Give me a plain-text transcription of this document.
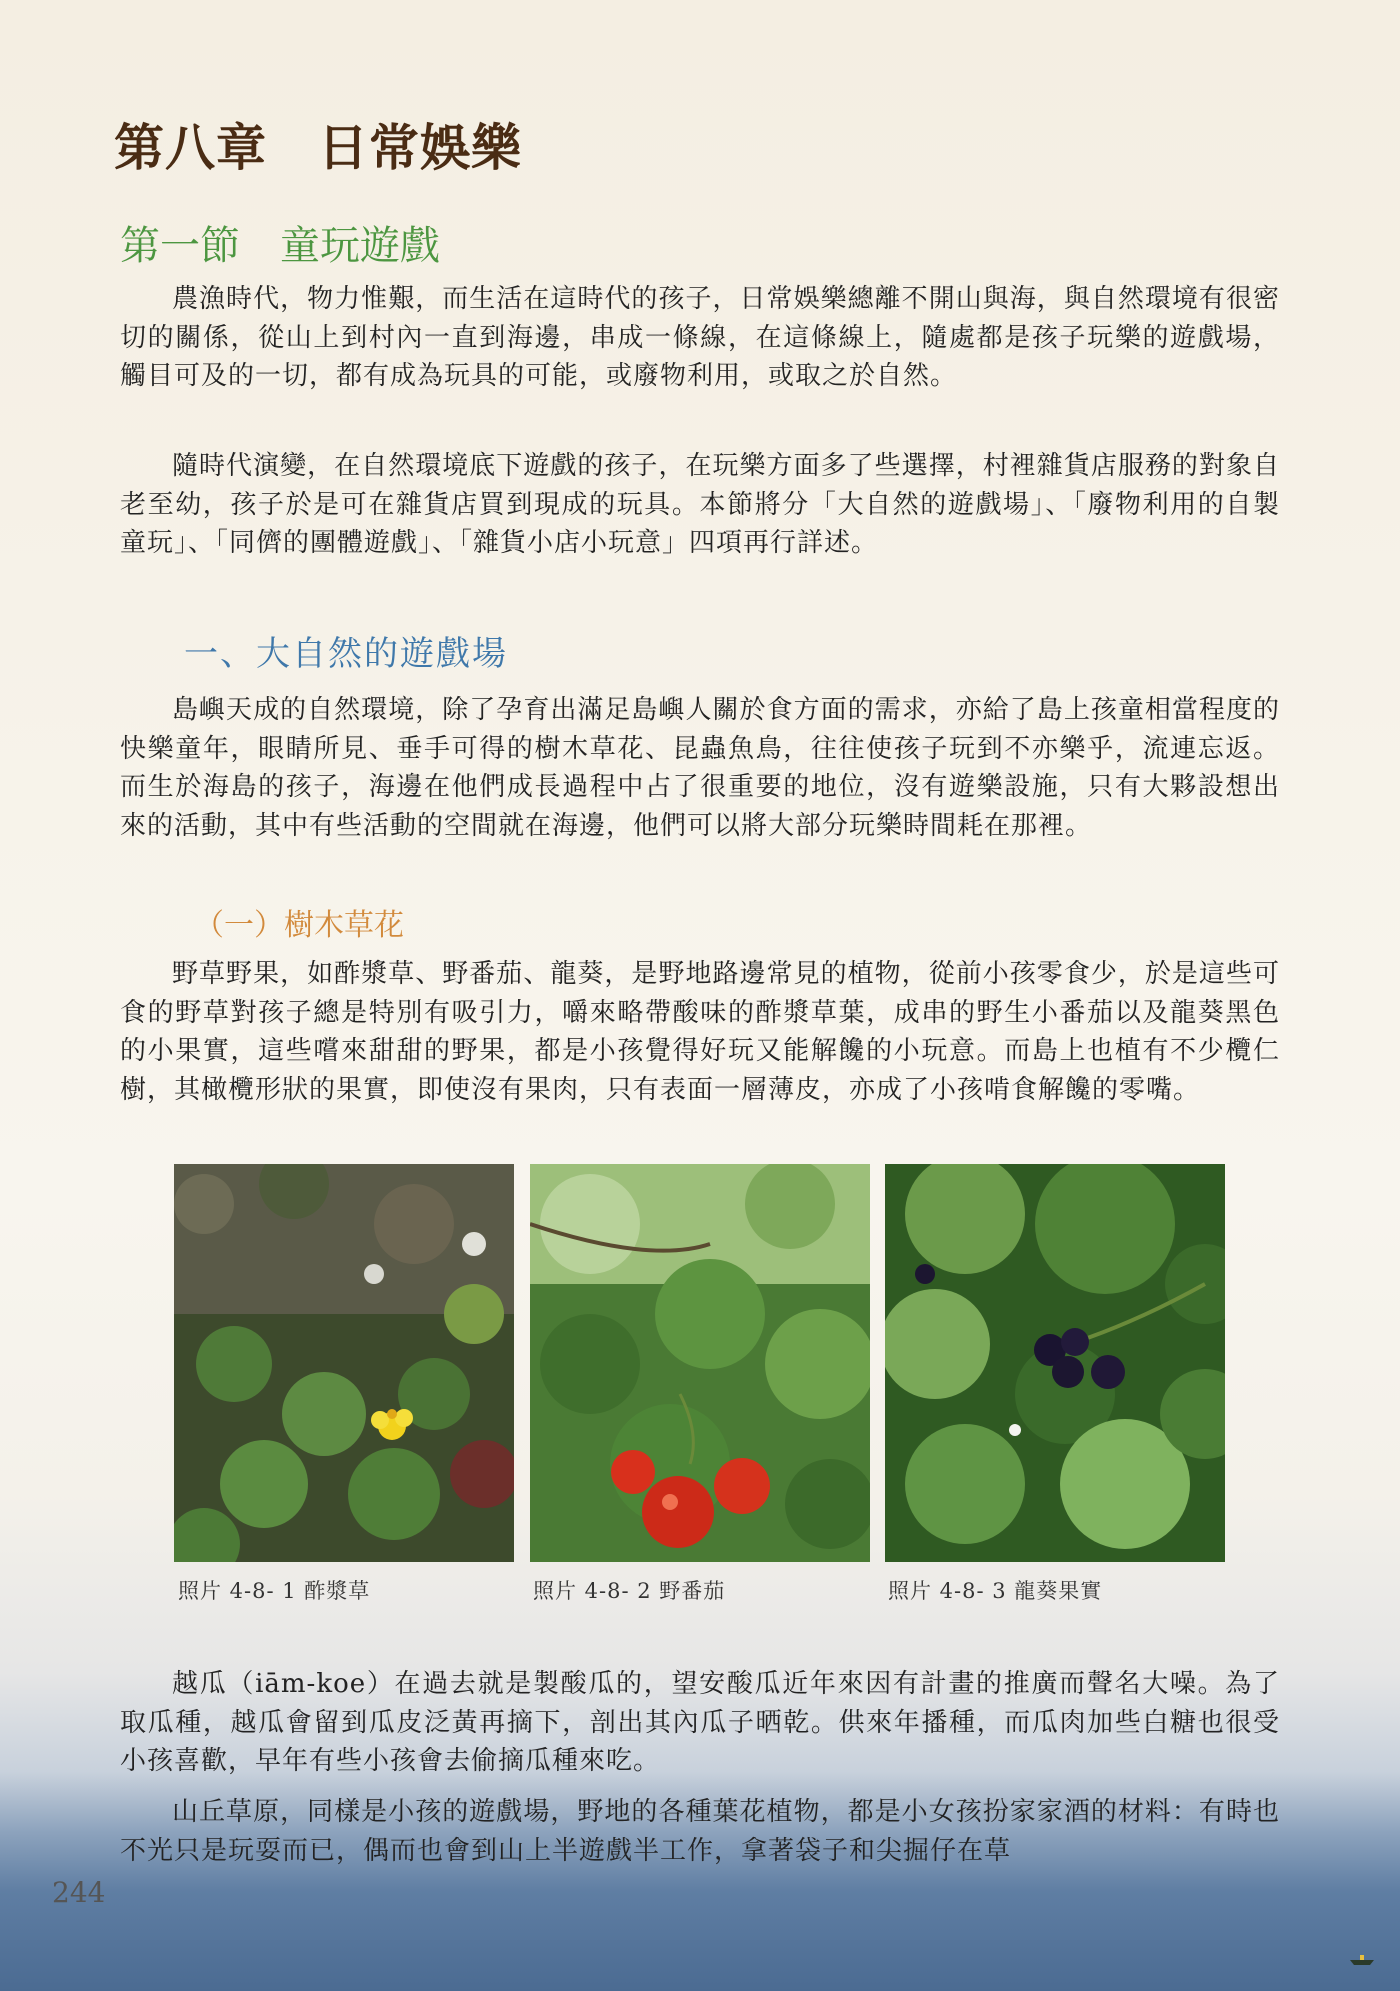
第八章　日常娛樂
第一節　童玩遊戲

農漁時代，物力惟艱，而生活在這時代的孩子，日常娛樂總離不開山與海，與自然環境有很密切的關係，從山上到村內一直到海邊，串成一條線，在這條線上，隨處都是孩子玩樂的遊戲場，觸目可及的一切，都有成為玩具的可能，或廢物利用，或取之於自然。

隨時代演變，在自然環境底下遊戲的孩子，在玩樂方面多了些選擇，村裡雜貨店服務的對象自老至幼，孩子於是可在雜貨店買到現成的玩具。本節將分「大自然的遊戲場」、「廢物利用的自製童玩」、「同儕的團體遊戲」、「雜貨小店小玩意」四項再行詳述。

一、大自然的遊戲場

島嶼天成的自然環境，除了孕育出滿足島嶼人關於食方面的需求，亦給了島上孩童相當程度的快樂童年，眼睛所見、垂手可得的樹木草花、昆蟲魚鳥，往往使孩子玩到不亦樂乎，流連忘返。而生於海島的孩子，海邊在他們成長過程中占了很重要的地位，沒有遊樂設施，只有大夥設想出來的活動，其中有些活動的空間就在海邊，他們可以將大部分玩樂時間耗在那裡。

（一）樹木草花

野草野果，如酢漿草、野番茄、龍葵，是野地路邊常見的植物，從前小孩零食少，於是這些可食的野草對孩子總是特別有吸引力，嚼來略帶酸味的酢漿草葉，成串的野生小番茄以及龍葵黑色的小果實，這些嚐來甜甜的野果，都是小孩覺得好玩又能解饞的小玩意。而島上也植有不少欖仁樹，其橄欖形狀的果實，即使沒有果肉，只有表面一層薄皮，亦成了小孩啃食解饞的零嘴。

照片 4-8- 1 酢漿草	照片 4-8- 2 野番茄	照片 4-8- 3 龍葵果實

越瓜（iām-koe）在過去就是製酸瓜的，望安酸瓜近年來因有計畫的推廣而聲名大噪。為了取瓜種，越瓜會留到瓜皮泛黃再摘下，剖出其內瓜子晒乾。供來年播種，而瓜肉加些白糖也很受小孩喜歡，早年有些小孩會去偷摘瓜種來吃。

山丘草原，同樣是小孩的遊戲場，野地的各種葉花植物，都是小女孩扮家家酒的材料：有時也不光只是玩耍而已，偶而也會到山上半遊戲半工作，拿著袋子和尖掘仔在草

244
